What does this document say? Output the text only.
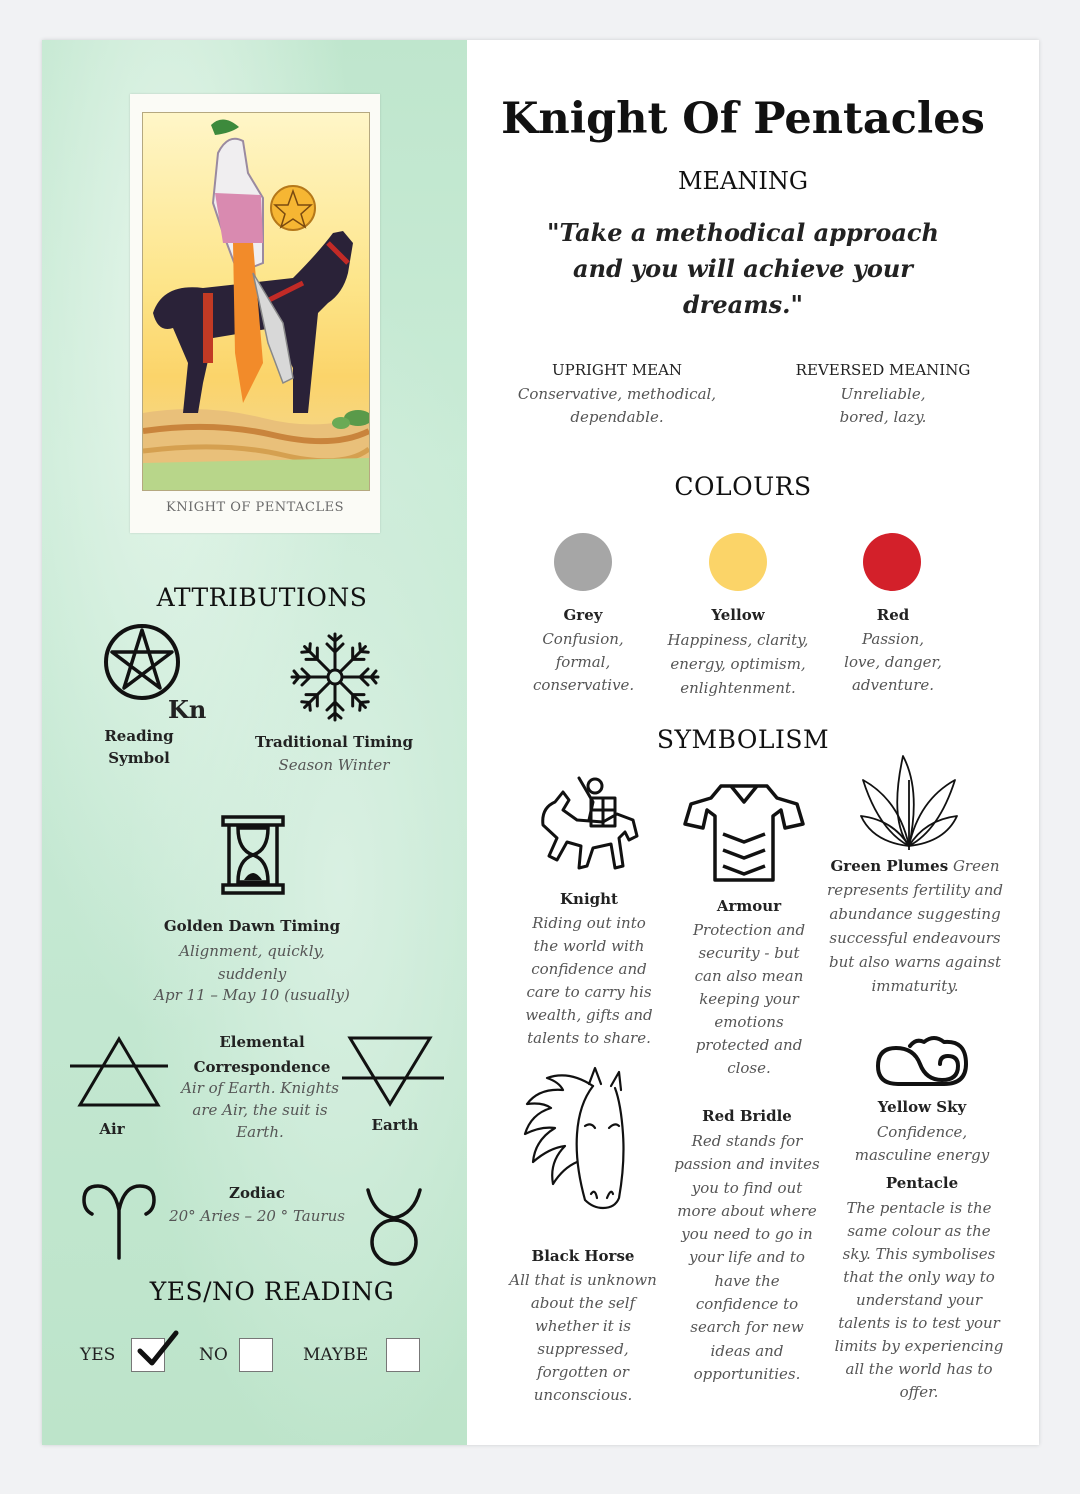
KNIGHT OF PENTACLES
ATTRIBUTIONS
Kn
Reading Symbol
Traditional Timing
Season Winter
Golden Dawn Timing
Alignment, quickly, suddenly
Apr 11 – May 10 (usually)
Air
Elemental Correspondence
Air of Earth. Knights are Air, the suit is Earth.	Earth
Zodiac
20° Aries – 20 ° Taurus
YES/NO READING
YES	NO	MAYBE
Knight Of Pentacles
MEANING
"Take a methodical approach and you will achieve your dreams."
UPRIGHT MEAN
Conservative, methodical, dependable.
REVERSED MEANING
Unreliable, bored, lazy.
COLOURS
Grey
Confusion, formal, conservative.
Yellow
Happiness, clarity, energy, optimism, enlightenment.
Red
Passion, love, danger, adventure.
SYMBOLISM
Knight
Riding out into the world with confidence and care to carry his wealth, gifts and talents to share.
Armour
Protection and security - but can also mean keeping your emotions protected and close.
Green Plumes Green represents fertility and abundance suggesting successful endeavours but also warns against immaturity.
Yellow Sky
Confidence, masculine energy
Pentacle
The pentacle is the same colour as the sky. This symbolises that the only way to understand your talents is to test your limits by experiencing all the world has to offer.
Black Horse
All that is unknown about the self whether it is suppressed, forgotten or unconscious.
Red Bridle
Red stands for passion and invites you to find out more about where you need to go in your life and to have the confidence to search for new ideas and opportunities.
